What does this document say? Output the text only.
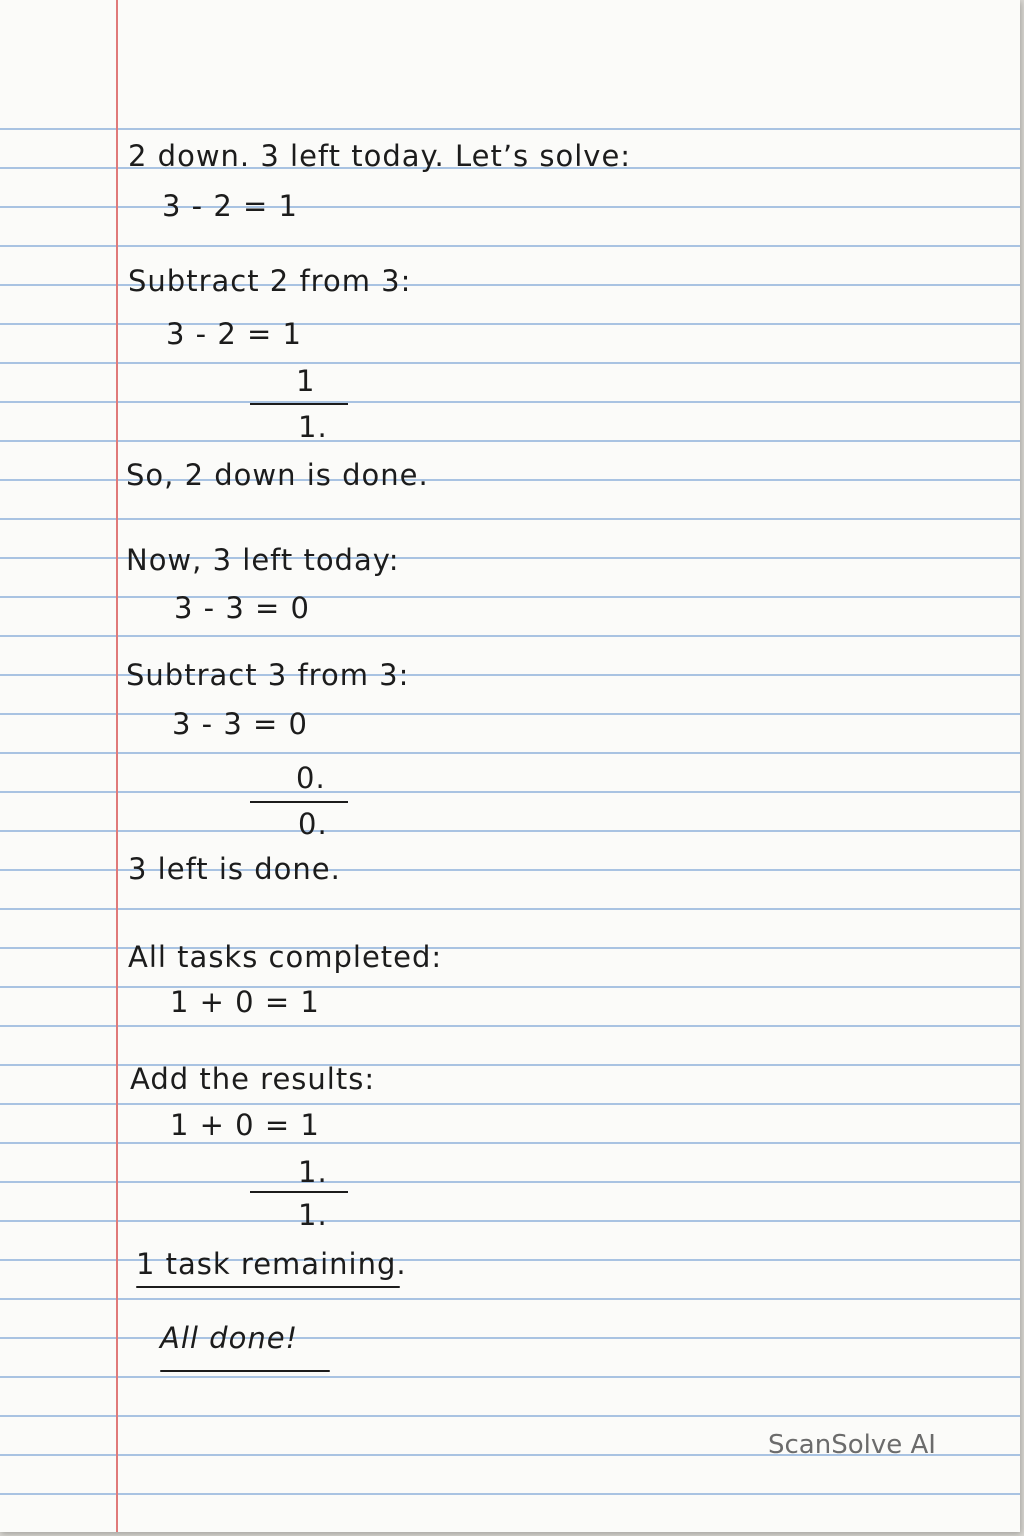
2 down. 3 left today. Let’s solve:
3 - 2 = 1
Subtract 2 from 3:
3 - 2 = 1
1
1.
So, 2 down is done.
Now, 3 left today:
3 - 3 = 0
Subtract 3 from 3:
3 - 3 = 0
0.
0.
3 left is done.
All tasks completed:
1 + 0 = 1
Add the results:
1 + 0 = 1
1.
1.
1 task remaining.
All done!
ScanSolve AI
